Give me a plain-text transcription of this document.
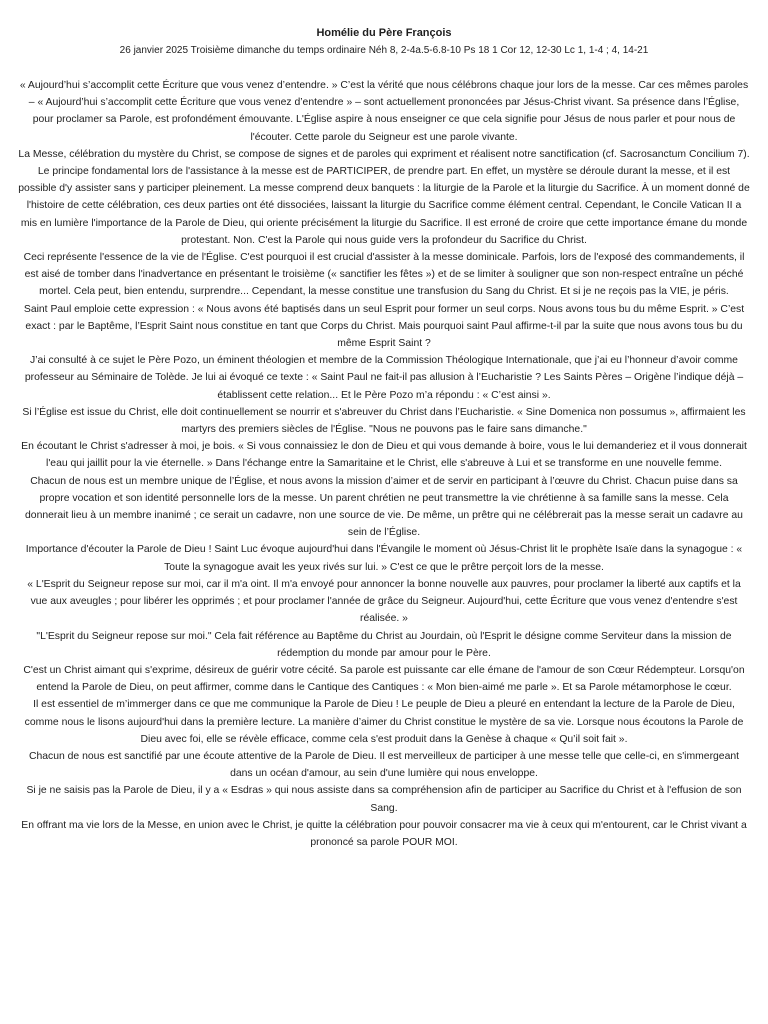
Homélie du Père François
26 janvier 2025 Troisième dimanche du temps ordinaire Néh 8, 2-4a.5-6.8-10 Ps 18 1 Cor 12, 12-30 Lc 1, 1-4 ; 4, 14-21

« Aujourd’hui s’accomplit cette Écriture que vous venez d’entendre. » C’est la vérité que nous célébrons chaque jour lors de la messe. Car ces mêmes paroles – « Aujourd’hui s’accomplit cette Écriture que vous venez d’entendre » – sont actuellement prononcées par Jésus-Christ vivant. Sa présence dans l’Église, pour proclamer sa Parole, est profondément émouvante. L'Église aspire à nous enseigner ce que cela signifie pour Jésus de nous parler et pour nous de l'écouter. Cette parole du Seigneur est une parole vivante.

La Messe, célébration du mystère du Christ, se compose de signes et de paroles qui expriment et réalisent notre sanctification (cf. Sacrosanctum Concilium 7). Le principe fondamental lors de l'assistance à la messe est de PARTICIPER, de prendre part. En effet, un mystère se déroule durant la messe, et il est possible d'y assister sans y participer pleinement. La messe comprend deux banquets : la liturgie de la Parole et la liturgie du Sacrifice. À un moment donné de l'histoire de cette célébration, ces deux parties ont été dissociées, laissant la liturgie du Sacrifice comme élément central. Cependant, le Concile Vatican II a mis en lumière l'importance de la Parole de Dieu, qui oriente précisément la liturgie du Sacrifice. Il est erroné de croire que cette importance émane du monde protestant. Non. C'est la Parole qui nous guide vers la profondeur du Sacrifice du Christ.

Ceci représente l'essence de la vie de l'Église. C'est pourquoi il est crucial d'assister à la messe dominicale. Parfois, lors de l'exposé des commandements, il est aisé de tomber dans l'inadvertance en présentant le troisième (« sanctifier les fêtes ») et de se limiter à souligner que son non-respect entraîne un péché mortel. Cela peut, bien entendu, surprendre... Cependant, la messe constitue une transfusion du Sang du Christ. Et si je ne reçois pas la VIE, je péris.

Saint Paul emploie cette expression : « Nous avons été baptisés dans un seul Esprit pour former un seul corps. Nous avons tous bu du même Esprit. » C’est exact : par le Baptême, l’Esprit Saint nous constitue en tant que Corps du Christ. Mais pourquoi saint Paul affirme-t-il par la suite que nous avons tous bu du même Esprit Saint ?

J’ai consulté à ce sujet le Père Pozo, un éminent théologien et membre de la Commission Théologique Internationale, que j’ai eu l’honneur d’avoir comme professeur au Séminaire de Tolède. Je lui ai évoqué ce texte : « Saint Paul ne fait-il pas allusion à l’Eucharistie ? Les Saints Pères – Origène l’indique déjà – établissent cette relation... Et le Père Pozo m’a répondu : « C’est ainsi ».

Si l’Église est issue du Christ, elle doit continuellement se nourrir et s'abreuver du Christ dans l’Eucharistie. « Sine Domenica non possumus », affirmaient les martyrs des premiers siècles de l'Église. "Nous ne pouvons pas le faire sans dimanche."

En écoutant le Christ s'adresser à moi, je bois. « Si vous connaissiez le don de Dieu et qui vous demande à boire, vous le lui demanderiez et il vous donnerait l'eau qui jaillit pour la vie éternelle. » Dans l'échange entre la Samaritaine et le Christ, elle s'abreuve à Lui et se transforme en une nouvelle femme.

Chacun de nous est un membre unique de l’Église, et nous avons la mission d’aimer et de servir en participant à l’œuvre du Christ. Chacun puise dans sa propre vocation et son identité personnelle lors de la messe. Un parent chrétien ne peut transmettre la vie chrétienne à sa famille sans la messe. Cela donnerait lieu à un membre inanimé ; ce serait un cadavre, non une source de vie. De même, un prêtre qui ne célébrerait pas la messe serait un cadavre au sein de l’Église.

Importance d'écouter la Parole de Dieu ! Saint Luc évoque aujourd'hui dans l'Évangile le moment où Jésus-Christ lit le prophète Isaïe dans la synagogue : « Toute la synagogue avait les yeux rivés sur lui. » C'est ce que le prêtre perçoit lors de la messe.

« L'Esprit du Seigneur repose sur moi, car il m'a oint. Il m'a envoyé pour annoncer la bonne nouvelle aux pauvres, pour proclamer la liberté aux captifs et la vue aux aveugles ; pour libérer les opprimés ; et pour proclamer l'année de grâce du Seigneur. Aujourd'hui, cette Écriture que vous venez d'entendre s'est réalisée. »

"L'Esprit du Seigneur repose sur moi." Cela fait référence au Baptême du Christ au Jourdain, où l'Esprit le désigne comme Serviteur dans la mission de rédemption du monde par amour pour le Père.

C'est un Christ aimant qui s'exprime, désireux de guérir votre cécité. Sa parole est puissante car elle émane de l'amour de son Cœur Rédempteur. Lorsqu'on entend la Parole de Dieu, on peut affirmer, comme dans le Cantique des Cantiques : « Mon bien-aimé me parle ». Et sa Parole métamorphose le cœur.

Il est essentiel de m’immerger dans ce que me communique la Parole de Dieu ! Le peuple de Dieu a pleuré en entendant la lecture de la Parole de Dieu, comme nous le lisons aujourd'hui dans la première lecture. La manière d’aimer du Christ constitue le mystère de sa vie. Lorsque nous écoutons la Parole de Dieu avec foi, elle se révèle efficace, comme cela s'est produit dans la Genèse à chaque « Qu’il soit fait ».

Chacun de nous est sanctifié par une écoute attentive de la Parole de Dieu. Il est merveilleux de participer à une messe telle que celle-ci, en s'immergeant dans un océan d'amour, au sein d'une lumière qui nous enveloppe.

Si je ne saisis pas la Parole de Dieu, il y a « Esdras » qui nous assiste dans sa compréhension afin de participer au Sacrifice du Christ et à l'effusion de son Sang.

En offrant ma vie lors de la Messe, en union avec le Christ, je quitte la célébration pour pouvoir consacrer ma vie à ceux qui m'entourent, car le Christ vivant a prononcé sa parole POUR MOI.
